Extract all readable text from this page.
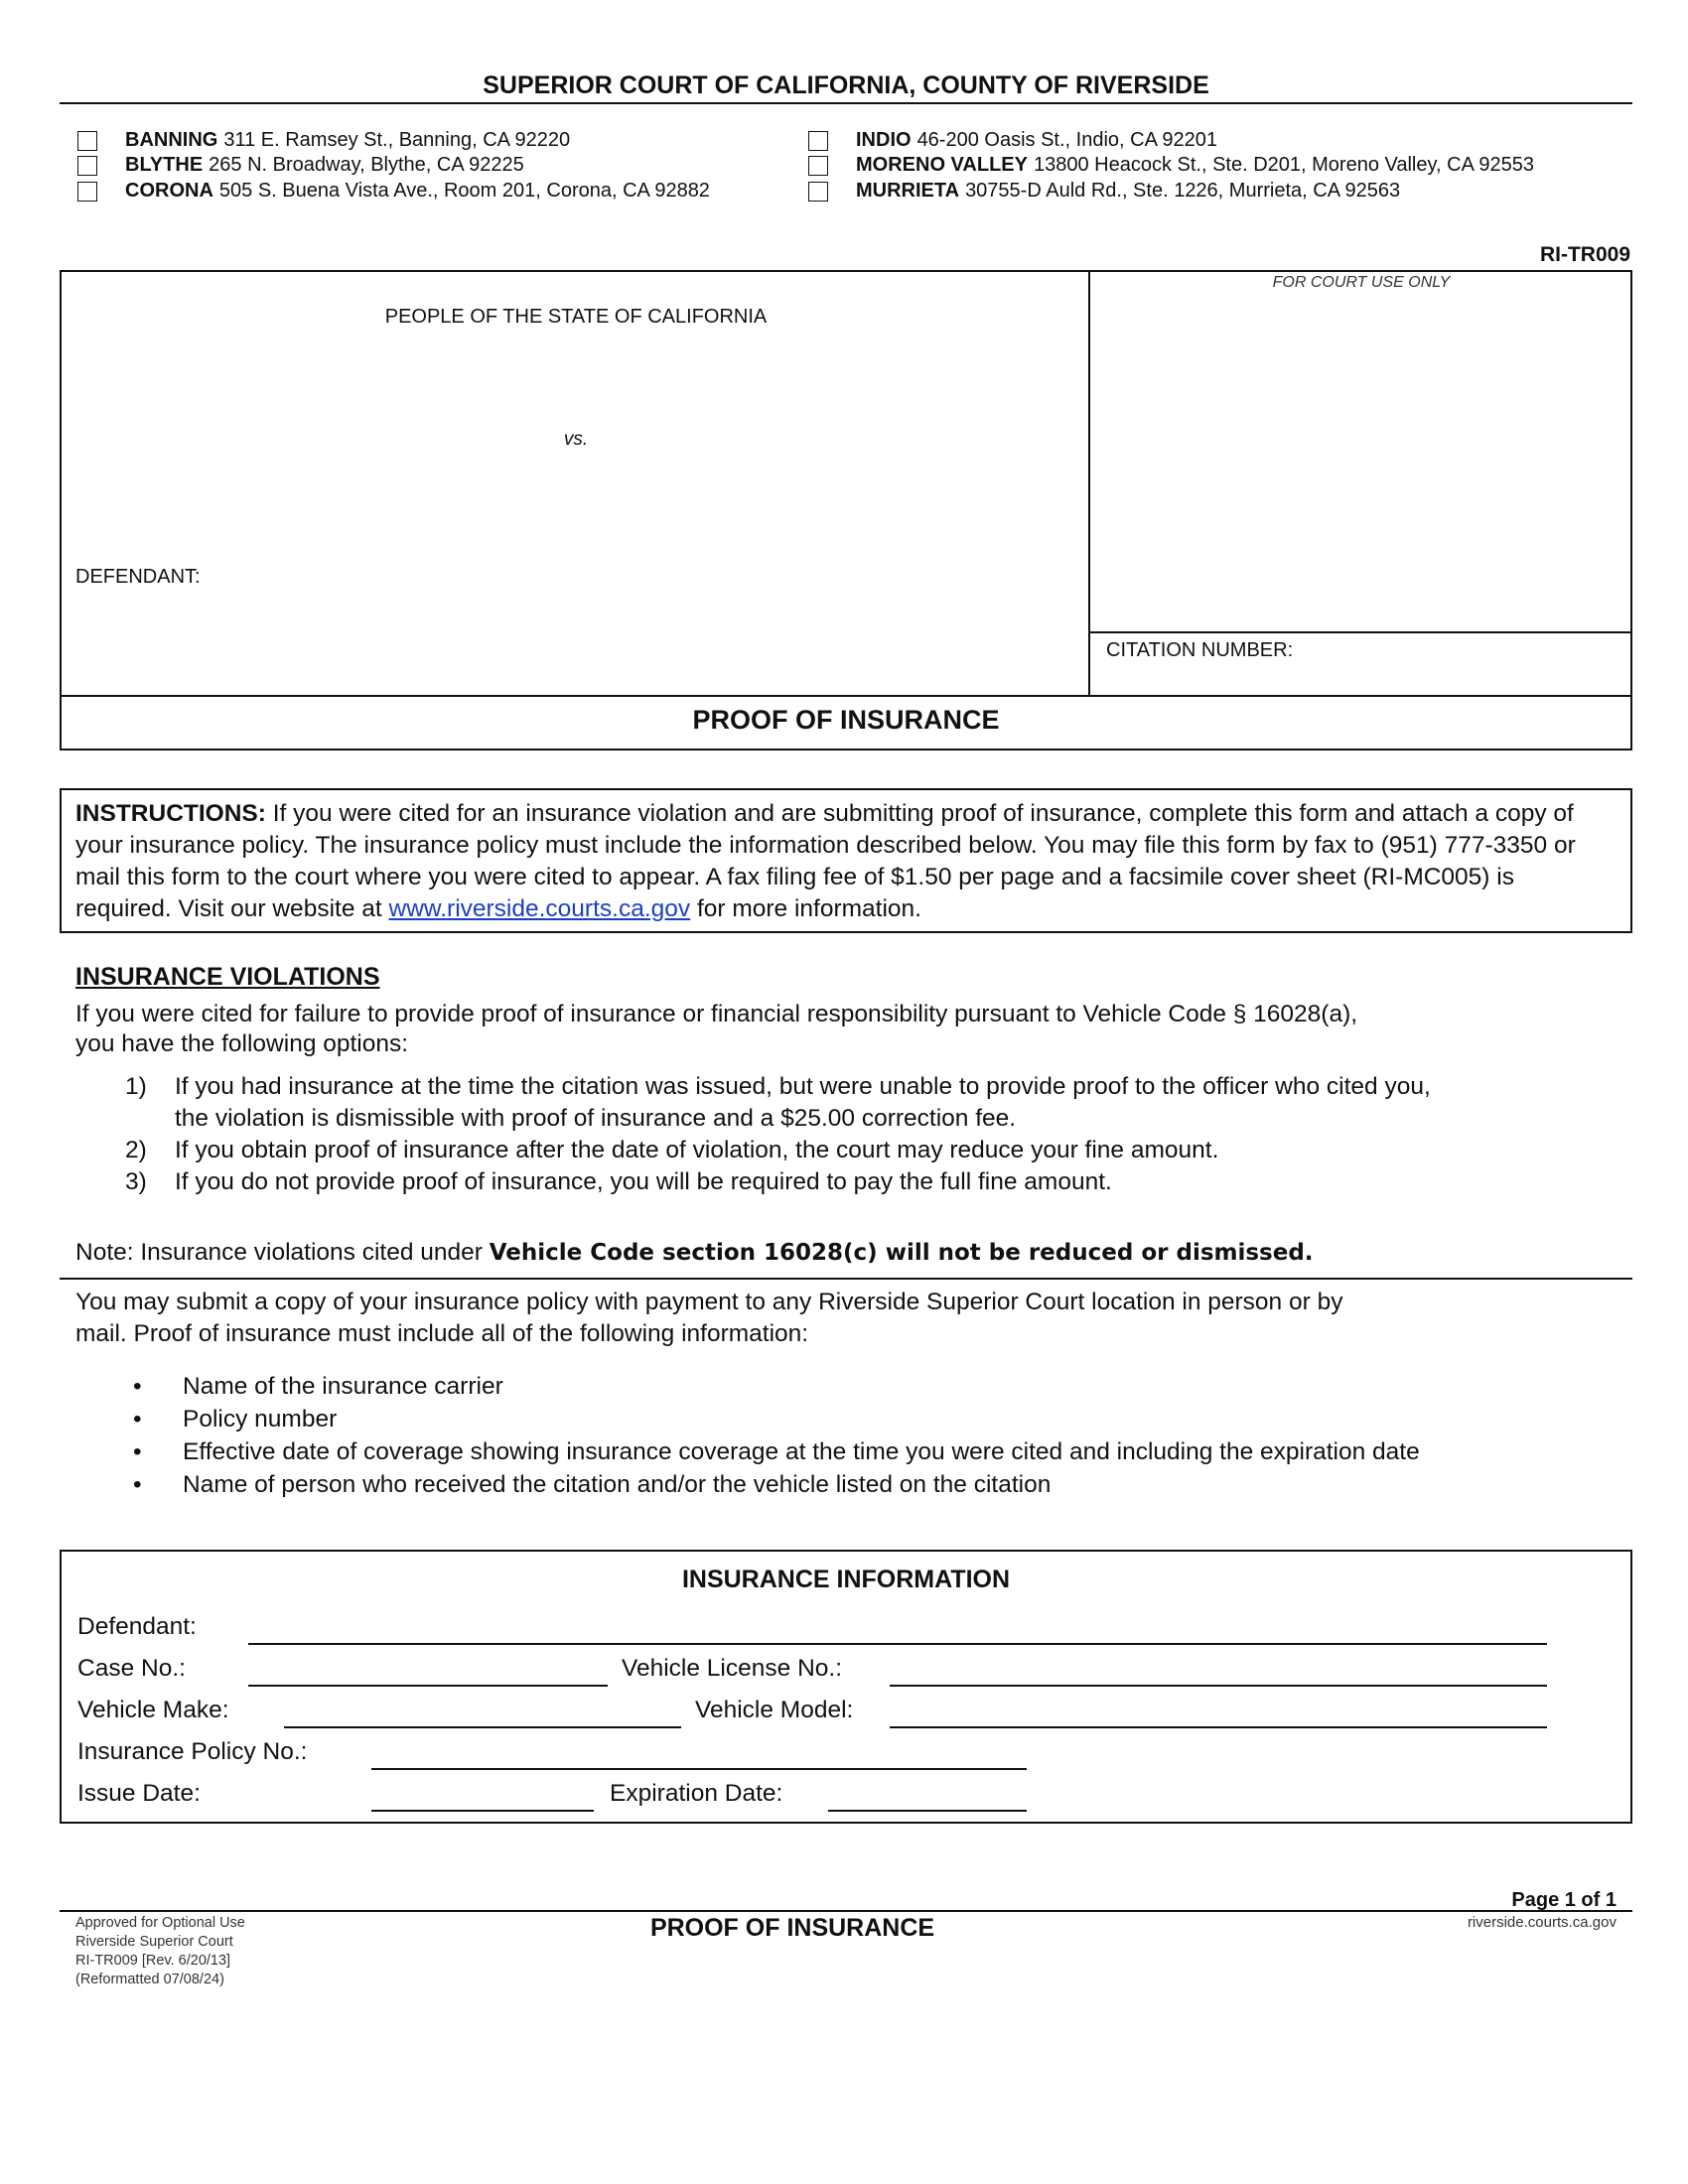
SUPERIOR COURT OF CALIFORNIA, COUNTY OF RIVERSIDE
BANNING 311 E. Ramsey St., Banning, CA 92220
BLYTHE 265 N. Broadway, Blythe, CA 92225
CORONA 505 S. Buena Vista Ave., Room 201, Corona, CA 92882
INDIO 46-200 Oasis St., Indio, CA 92201
MORENO VALLEY 13800 Heacock St., Ste. D201, Moreno Valley, CA 92553
MURRIETA 30755-D Auld Rd., Ste. 1226, Murrieta, CA 92563
RI-TR009
PEOPLE OF THE STATE OF CALIFORNIA
vs.
DEFENDANT:
FOR COURT USE ONLY
CITATION NUMBER:
PROOF OF INSURANCE
INSTRUCTIONS: If you were cited for an insurance violation and are submitting proof of insurance, complete this form and attach a copy of your insurance policy. The insurance policy must include the information described below. You may file this form by fax to (951) 777-3350 or mail this form to the court where you were cited to appear. A fax filing fee of $1.50 per page and a facsimile cover sheet (RI-MC005) is required. Visit our website at www.riverside.courts.ca.gov for more information.
INSURANCE VIOLATIONS
If you were cited for failure to provide proof of insurance or financial responsibility pursuant to Vehicle Code § 16028(a),
you have the following options:
1) If you had insurance at the time the citation was issued, but were unable to provide proof to the officer who cited you,
the violation is dismissible with proof of insurance and a $25.00 correction fee.
2) If you obtain proof of insurance after the date of violation, the court may reduce your fine amount.
3) If you do not provide proof of insurance, you will be required to pay the full fine amount.
Note: Insurance violations cited under Vehicle Code section 16028(c) will not be reduced or dismissed.
You may submit a copy of your insurance policy with payment to any Riverside Superior Court location in person or by
mail. Proof of insurance must include all of the following information:
• Name of the insurance carrier
• Policy number
• Effective date of coverage showing insurance coverage at the time you were cited and including the expiration date
• Name of person who received the citation and/or the vehicle listed on the citation
INSURANCE INFORMATION
Defendant:
Case No.:	Vehicle License No.:
Vehicle Make:	Vehicle Model:
Insurance Policy No.:
Issue Date:	Expiration Date:
Page 1 of 1
Approved for Optional Use
Riverside Superior Court
RI-TR009 [Rev. 6/20/13]
(Reformatted 07/08/24)
PROOF OF INSURANCE	riverside.courts.ca.gov
